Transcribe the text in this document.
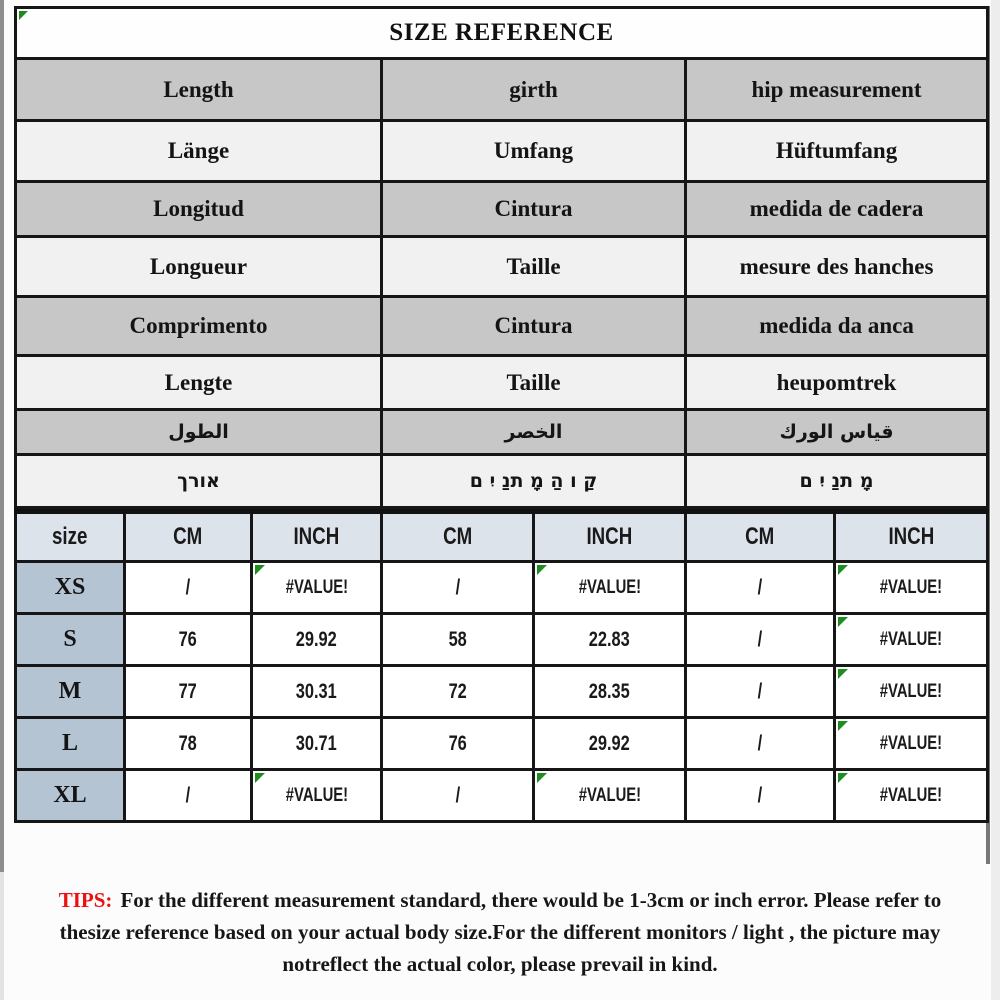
SIZE REFERENCE		
Length	girth	hip measurement
Länge	Umfang	Hüftumfang
Longitud	Cintura	medida de cadera
Longueur	Taille	mesure des hanches
Comprimento	Cintura	medida da anca
Lengte	Taille	heupomtrek
الطول	الخصر	قياس الورك
אורך	קַ ו הַ מָ תנַ יִ ם	מָ תנַ יִ ם
size	CM	INCH	CM	INCH	CM	INCH
XS	/	#VALUE!	/	#VALUE!	/	#VALUE!
S	76	29.92	58	22.83	/	#VALUE!
M	77	30.31	72	28.35	/	#VALUE!
L	78	30.71	76	29.92	/	#VALUE!
XL	/	#VALUE!	/	#VALUE!	/	#VALUE!
TIPS: For the different measurement standard, there would be 1-3cm or inch error. Please refer to
thesize reference based on your actual body size.For the different monitors / light , the picture may
notreflect the actual color, please prevail in kind.
